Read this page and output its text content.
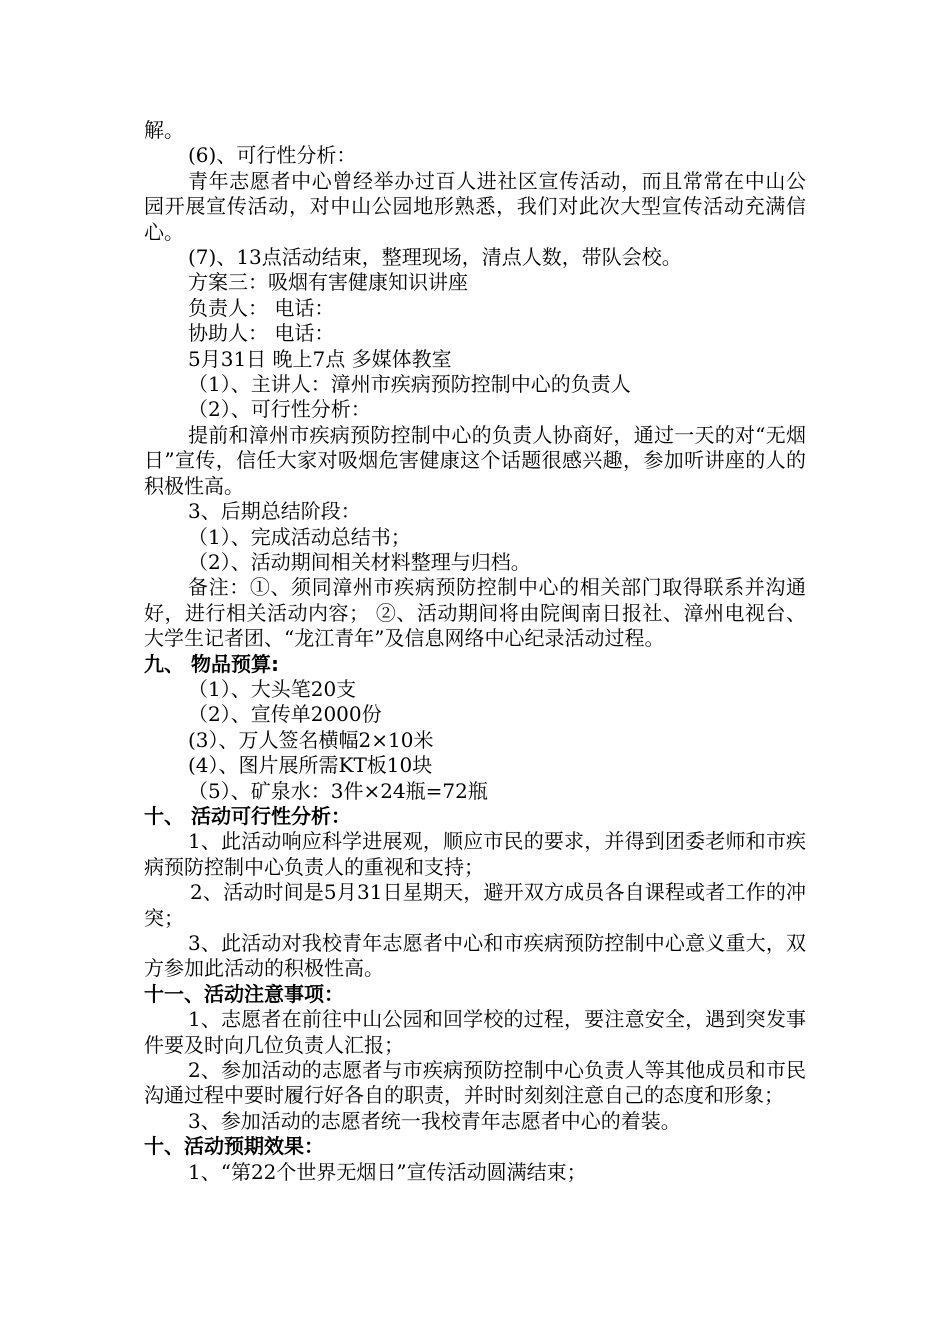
解。

(6)、可行性分析：

青年志愿者中心曾经举办过百人进社区宣传活动，而且常常在中山公园开展宣传活动，对中山公园地形熟悉，我们对此次大型宣传活动充满信心。

(7)、13点活动结束，整理现场，清点人数，带队会校。

方案三：吸烟有害健康知识讲座

负责人： 电话：

协助人： 电话：

5月31日 晚上7点 多媒体教室

（1）、主讲人：漳州市疾病预防控制中心的负责人

（2）、可行性分析：

提前和漳州市疾病预防控制中心的负责人协商好，通过一天的对“无烟日”宣传，信任大家对吸烟危害健康这个话题很感兴趣，参加听讲座的人的积极性高。

3、后期总结阶段：

（1）、完成活动总结书；

（2）、活动期间相关材料整理与归档。

备注：①、须同漳州市疾病预防控制中心的相关部门取得联系并沟通好，进行相关活动内容； ②、活动期间将由院闽南日报社、漳州电视台、大学生记者团、“龙江青年”及信息网络中心纪录活动过程。

九、 物品预算:

（1）、大头笔20支

（2）、宣传单2000份

(3）、万人签名横幅2×10米

(4）、图片展所需KT板10块

（5）、矿泉水：3件×24瓶=72瓶

十、 活动可行性分析：

1、此活动响应科学进展观，顺应市民的要求，并得到团委老师和市疾病预防控制中心负责人的重视和支持；

2、活动时间是5月31日星期天，避开双方成员各自课程或者工作的冲突；

3、此活动对我校青年志愿者中心和市疾病预防控制中心意义重大，双方参加此活动的积极性高。

十一、活动注意事项：

1、志愿者在前往中山公园和回学校的过程，要注意安全，遇到突发事件要及时向几位负责人汇报；

2、参加活动的志愿者与市疾病预防控制中心负责人等其他成员和市民沟通过程中要时履行好各自的职责，并时时刻刻注意自己的态度和形象；

3、参加活动的志愿者统一我校青年志愿者中心的着装。

十、活动预期效果：

1、“第22个世界无烟日”宣传活动圆满结束；
